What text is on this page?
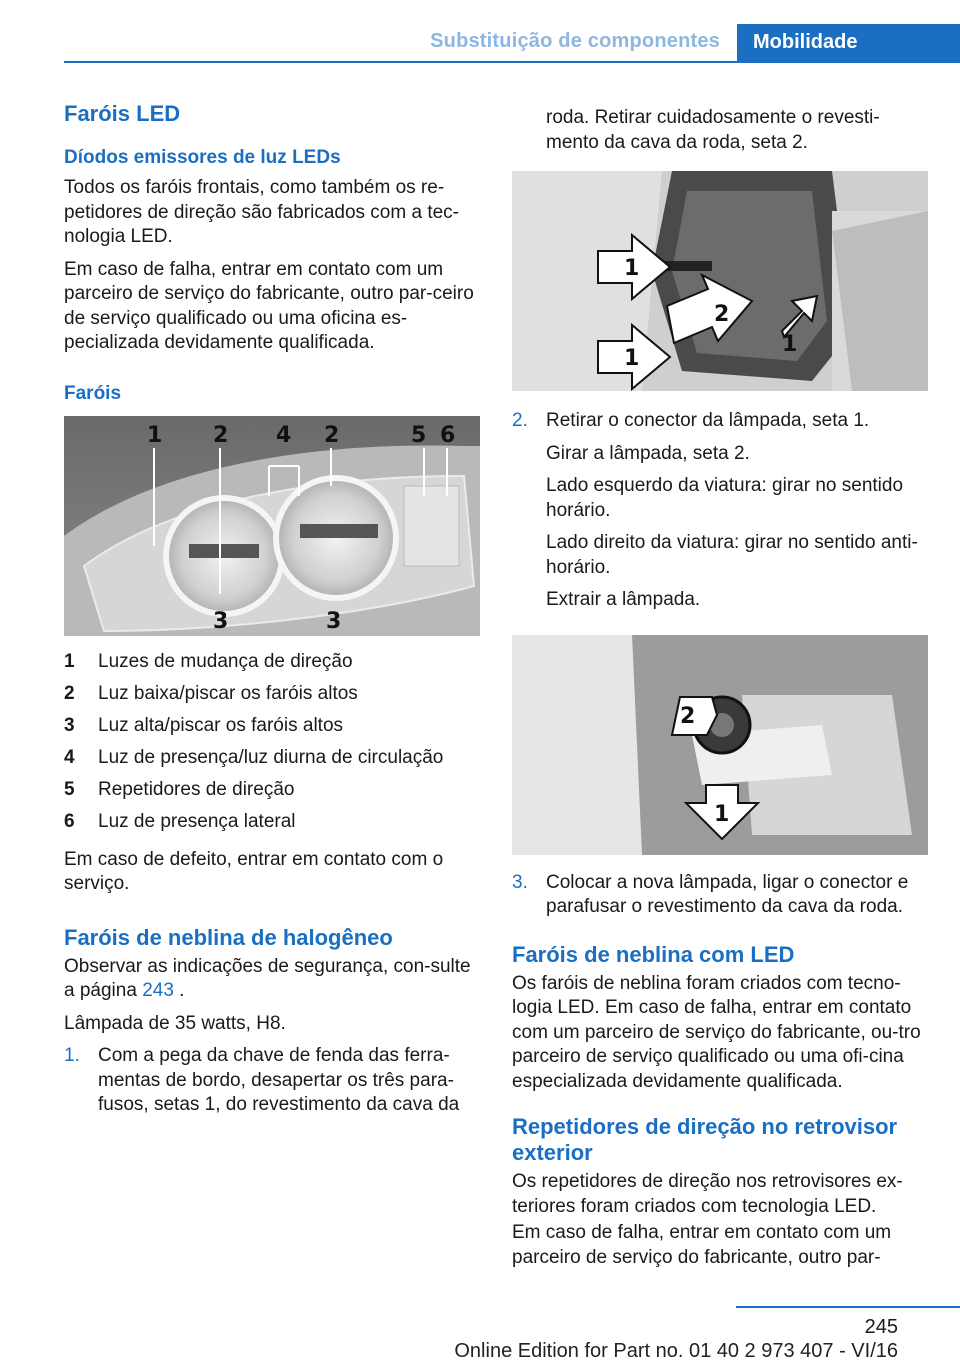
Substituição de componentes	Mobilidade
Faróis LED
Díodos emissores de luz LEDs

Todos os faróis frontais, como também os re-petidores de direção são fabricados com a tec-nologia LED.

Em caso de falha, entrar em contato com um parceiro de serviço do fabricante, outro par-ceiro de serviço qualificado ou uma oficina es-pecializada devidamente qualificada.

Faróis
1 2 4 2	5 6
3	3
1	Luzes de mudança de direção
2	Luz baixa/piscar os faróis altos
3	Luz alta/piscar os faróis altos
4	Luz de presença/luz diurna de circulação
5	Repetidores de direção
6	Luz de presença lateral

Em caso de defeito, entrar em contato com o serviço.

Faróis de neblina de halogêneo

Observar as indicações de segurança, con-sulte a página 243 .

Lâmpada de 35 watts, H8.

1. Com a pega da chave de fenda das ferra-mentas de bordo, desapertar os três para-fusos, setas 1, do revestimento da cava da

roda. Retirar cuidadosamente o revesti-mento da cava da roda, seta 2.

1
2
1
1
2. Retirar o conector da lâmpada, seta 1.

Girar a lâmpada, seta 2.

Lado esquerdo da viatura: girar no sentido horário.

Lado direito da viatura: girar no sentido anti-horário.

Extrair a lâmpada.

2
1
3. Colocar a nova lâmpada, ligar o conector e parafusar o revestimento da cava da roda.
Faróis de neblina com LED

Os faróis de neblina foram criados com tecno-logia LED. Em caso de falha, entrar em contato com um parceiro de serviço do fabricante, ou-tro parceiro de serviço qualificado ou uma ofi-cina especializada devidamente qualificada.

Repetidores de direção no retrovisor exterior

Os repetidores de direção nos retrovisores ex-teriores foram criados com tecnologia LED.

Em caso de falha, entrar em contato com um parceiro de serviço do fabricante, outro par-

245
Online Edition for Part no. 01 40 2 973 407 - VI/16
